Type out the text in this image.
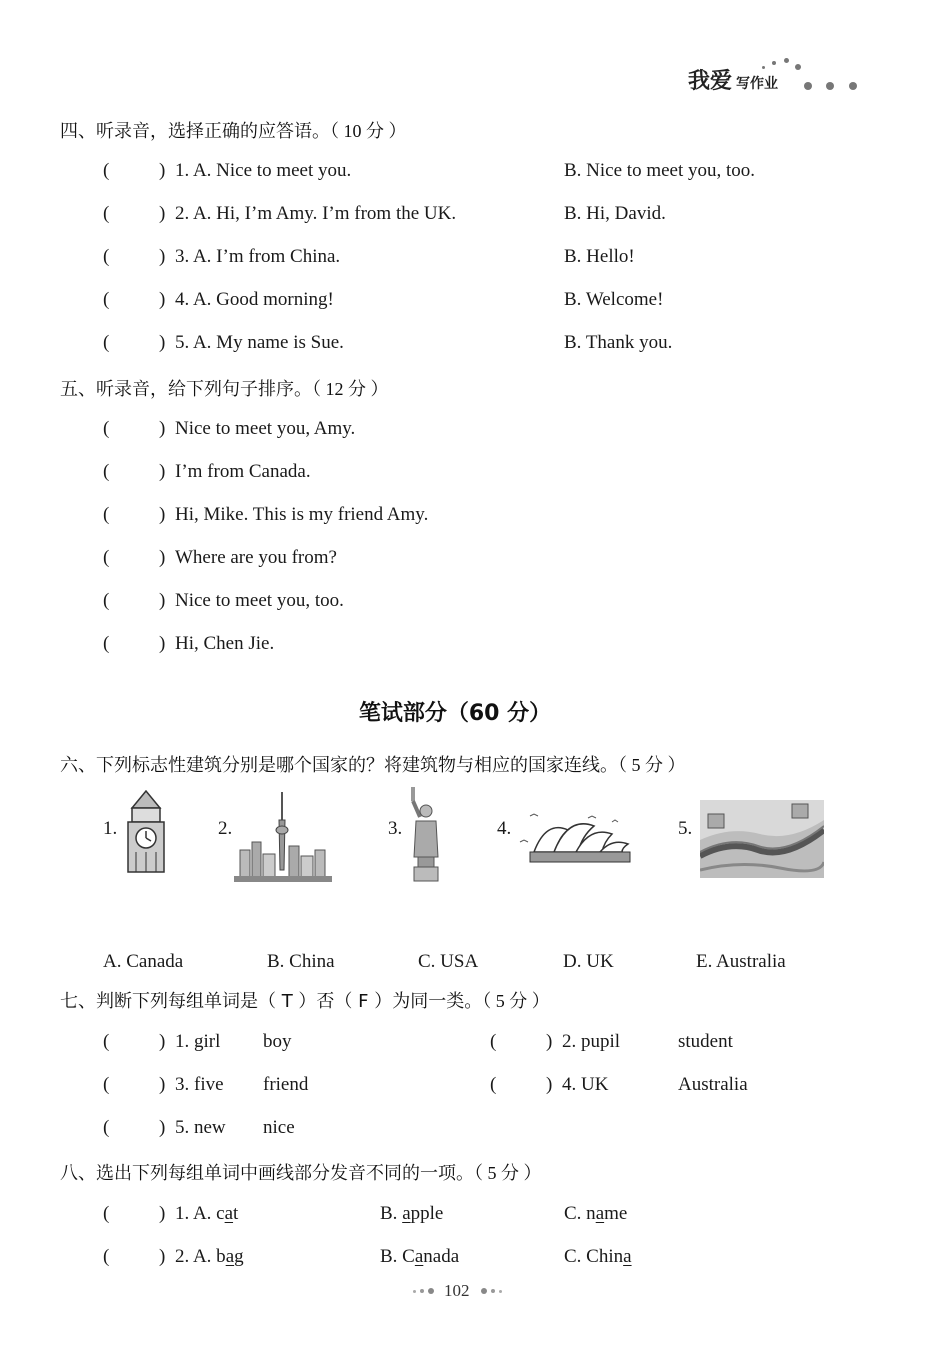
我爱 写作业
四、听录音，选择正确的应答语。（ 10 分 ）
(	) 1. A. Nice to meet you.	B. Nice to meet you, too.
(	) 2. A. Hi, I’m Amy. I’m from the UK.	B. Hi, David.
(	) 3. A. I’m from China.	B. Hello!
(	) 4. A. Good morning!	B. Welcome!
(	) 5. A. My name is Sue.	B. Thank you.
五、听录音，给下列句子排序。（ 12 分 ）
(	) Nice to meet you, Amy.
(	) I’m from Canada.
(	) Hi, Mike. This is my friend Amy.
(	) Where are you from?
(	) Nice to meet you, too.
(	) Hi, Chen Jie.
笔试部分（60 分）
六、下列标志性建筑分别是哪个国家的？将建筑物与相应的国家连线。（ 5 分 ）
1.	2.	3.	4.	5.
A. Canada	B. China	C. USA	D. UK	E. Australia
七、判断下列每组单词是（ T ）否（ F ）为同一类。（ 5 分 ）
(	) 1. girl boy	(	) 2. pupil	student
(	) 3. five friend	(	) 4. UK	Australia
(	) 5. new nice
八、选出下列每组单词中画线部分发音不同的一项。（ 5 分 ）
(	) 1. A. cat	B. apple	C. name
(	) 2. A. bag	B. Canada	C. China
102
